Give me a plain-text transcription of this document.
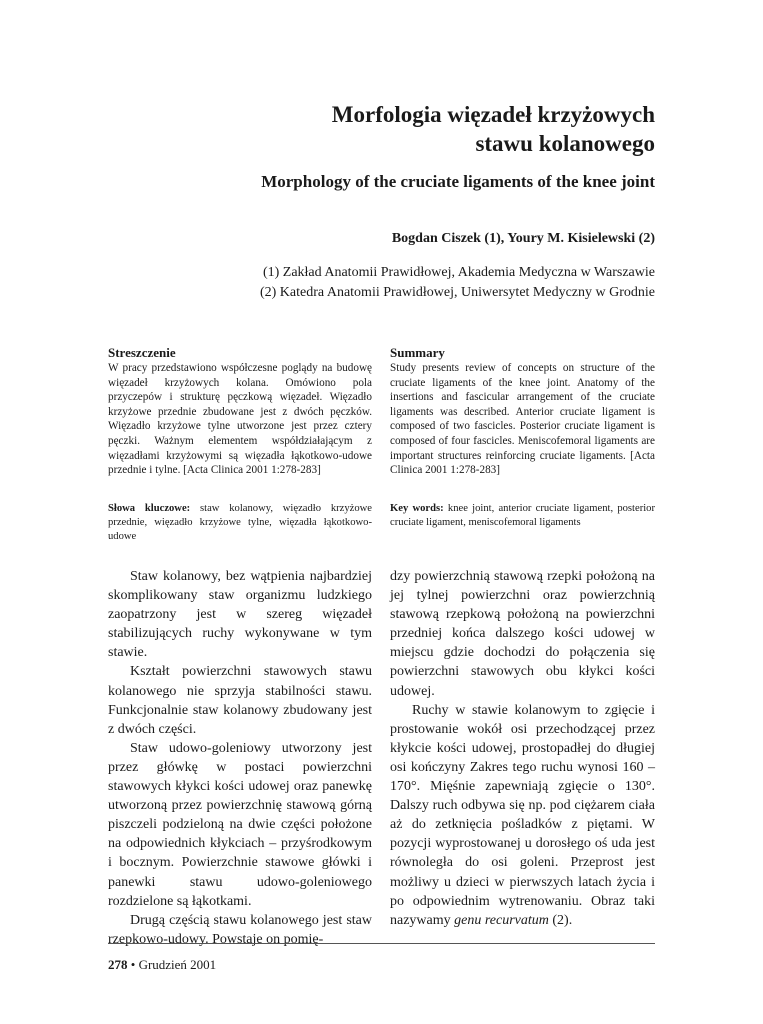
Morfologia więzadeł krzyżowych
stawu kolanowego
Morphology of the cruciate ligaments of the knee joint
Bogdan Ciszek (1), Youry M. Kisielewski (2)
(1) Zakład Anatomii Prawidłowej, Akademia Medyczna w Warszawie
(2) Katedra Anatomii Prawidłowej, Uniwersytet Medyczny w Grodnie
Streszczenie
W pracy przedstawiono współczesne poglądy na budowę więzadeł krzyżowych kolana. Omówiono pola przyczepów i strukturę pęczkową więzadeł. Więzadło krzyżowe przednie zbudowane jest z dwóch pęczków. Więzadło krzyżowe tylne utworzone jest przez cztery pęczki. Ważnym elementem współdziałającym z więzadłami krzyżowymi są więzadła łąkotkowo-udowe przednie i tylne. [Acta Clinica 2001 1:278-283]
Summary
Study presents review of concepts on structure of the cruciate ligaments of the knee joint. Anatomy of the insertions and fascicular arrangement of the cruciate ligaments was described. Anterior cruciate ligament is composed of two fascicles. Posterior cruciate ligament is composed of four fascicles. Meniscofemoral ligaments are important structures reinforcing cruciate ligaments. [Acta Clinica 2001 1:278-283]
Słowa kluczowe: staw kolanowy, więzadło krzyżowe przednie, więzadło krzyżowe tylne, więzadła łąkotkowo-udowe
Key words: knee joint, anterior cruciate ligament, posterior cruciate ligament, meniscofemoral ligaments

Staw kolanowy, bez wątpienia najbardziej skomplikowany staw organizmu ludzkiego zaopatrzony jest w szereg więzadeł stabilizujących ruchy wykonywane w tym stawie.

Kształt powierzchni stawowych stawu kolanowego nie sprzyja stabilności stawu. Funkcjonalnie staw kolanowy zbudowany jest z dwóch części.

Staw udowo-goleniowy utworzony jest przez główkę w postaci powierzchni stawowych kłykci kości udowej oraz panewkę utworzoną przez powierzchnię stawową górną piszczeli podzieloną na dwie części położone na odpowiednich kłykciach – przyśrodkowym i bocznym. Powierzchnie stawowe główki i panewki stawu udowo-goleniowego rozdzielone są łąkotkami.

Drugą częścią stawu kolanowego jest staw rzepkowo-udowy. Powstaje on pomię-

dzy powierzchnią stawową rzepki położoną na jej tylnej powierzchni oraz powierzchnią stawową rzepkową położoną na powierzchni przedniej końca dalszego kości udowej w miejscu gdzie dochodzi do połączenia się powierzchni stawowych obu kłykci kości udowej.

Ruchy w stawie kolanowym to zgięcie i prostowanie wokół osi przechodzącej przez kłykcie kości udowej, prostopadłej do długiej osi kończyny Zakres tego ruchu wynosi 160 – 170°. Mięśnie zapewniają zgięcie o 130°. Dalszy ruch odbywa się np. pod ciężarem ciała aż do zetknięcia pośladków z piętami. W pozycji wyprostowanej u dorosłego oś uda jest równoległa do osi goleni. Przeprost jest możliwy u dzieci w pierwszych latach życia i po odpowiednim wytrenowaniu. Obraz taki nazywamy genu recurvatum (2).

278 • Grudzień 2001
